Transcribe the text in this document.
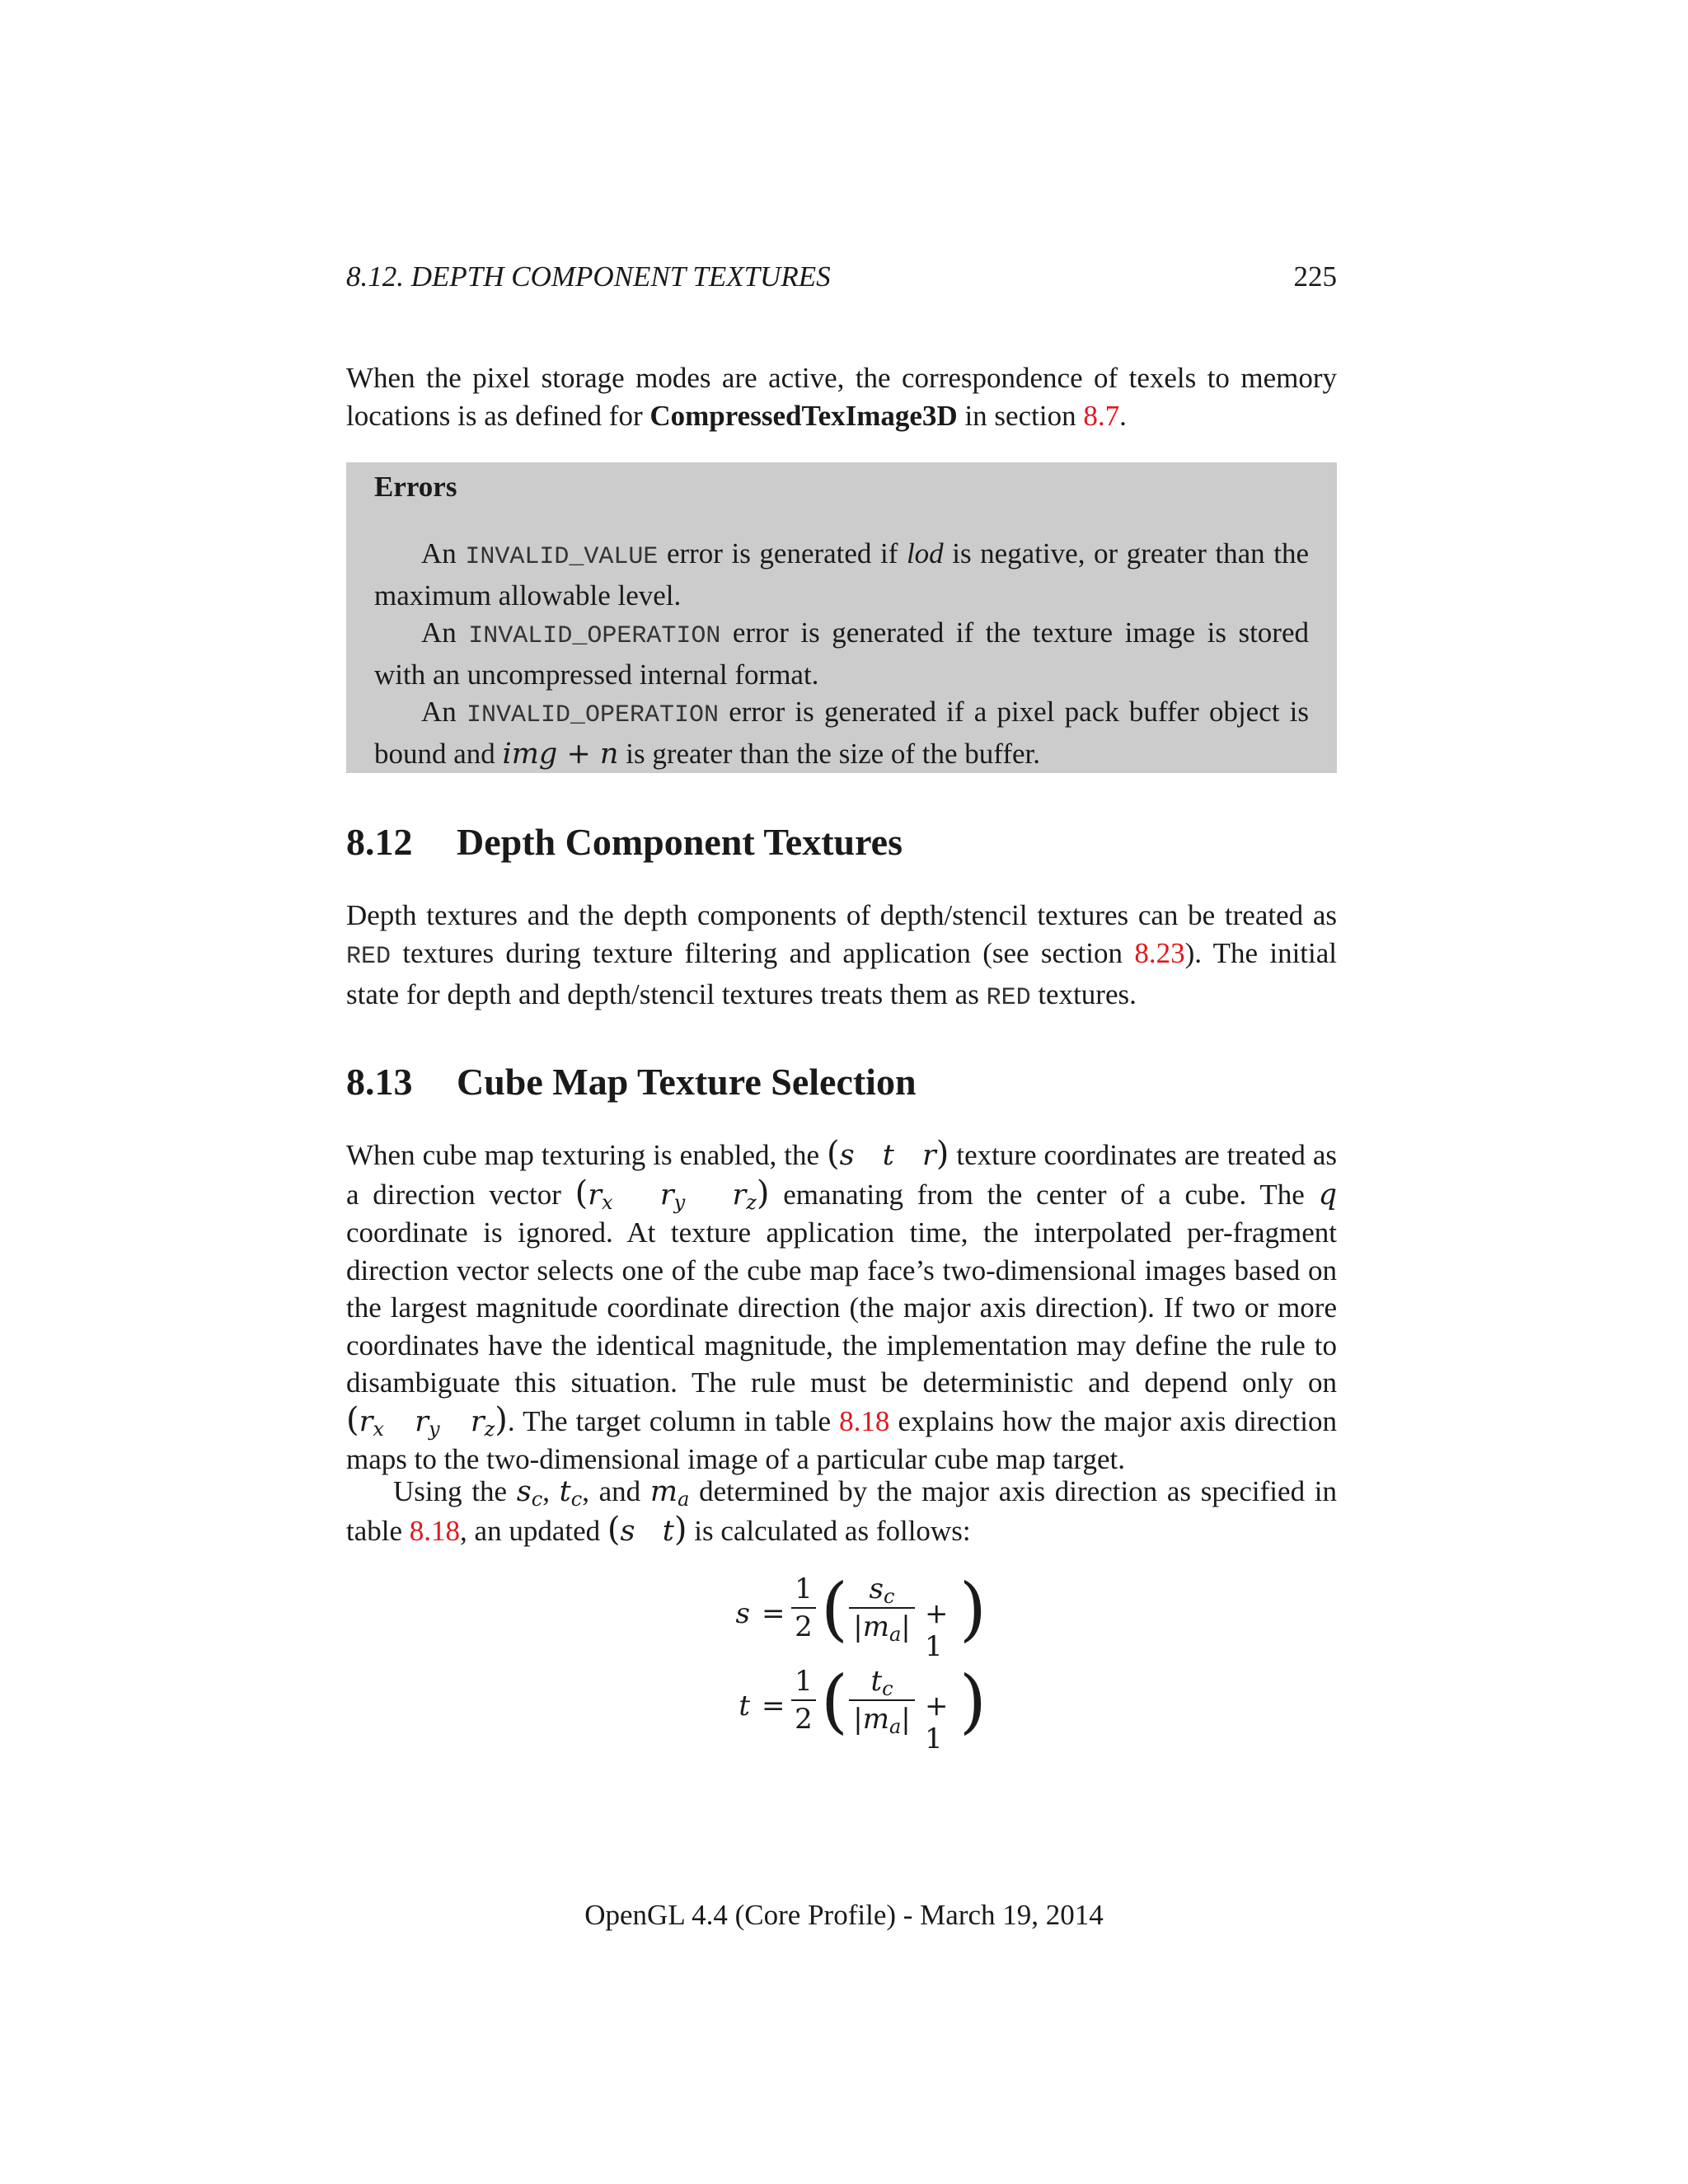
8.12. DEPTH COMPONENT TEXTURES	225
When the pixel storage modes are active, the correspondence of texels to memory locations is as defined for CompressedTexImage3D in section 8.7.
Errors

An INVALID_VALUE error is generated if lod is negative, or greater than the maximum allowable level.

An INVALID_OPERATION error is generated if the texture image is stored with an uncompressed internal format.

An INVALID_OPERATION error is generated if a pixel pack buffer object is bound and img + n is greater than the size of the buffer.

8.12 Depth Component Textures
Depth textures and the depth components of depth/stencil textures can be treated as RED textures during texture filtering and application (see section 8.23). The initial state for depth and depth/stencil textures treats them as RED textures.
8.13 Cube Map Texture Selection

When cube map texturing is enabled, the (s   t   r) texture coordinates are treated as a direction vector ($r_x$ $r_y$ $r_z$) emanating from the center of a cube. The q coordinate is ignored. At texture application time, the interpolated per-fragment direction vector selects one of the cube map face’s two-dimensional images based on the largest magnitude coordinate direction (the major axis direction). If two or more coordinates have the identical magnitude, the implementation may define the rule to disambiguate this situation. The rule must be deterministic and depend only on ($r_x$ $r_y$ $r_z$). The target column in table 8.18 explains how the major axis direction maps to the two-dimensional image of a particular cube map target.

Using the $s_c$, $t_c$, and $m_a$ determined by the major axis direction as specified in table 8.18, an updated (s   t) is calculated as follows:

s =
1
2 ( $s_c$
$|m_a| + 1$ )
t =
1
2 ( $t_c$
$|m_a| + 1$ )
OpenGL 4.4 (Core Profile) - March 19, 2014
